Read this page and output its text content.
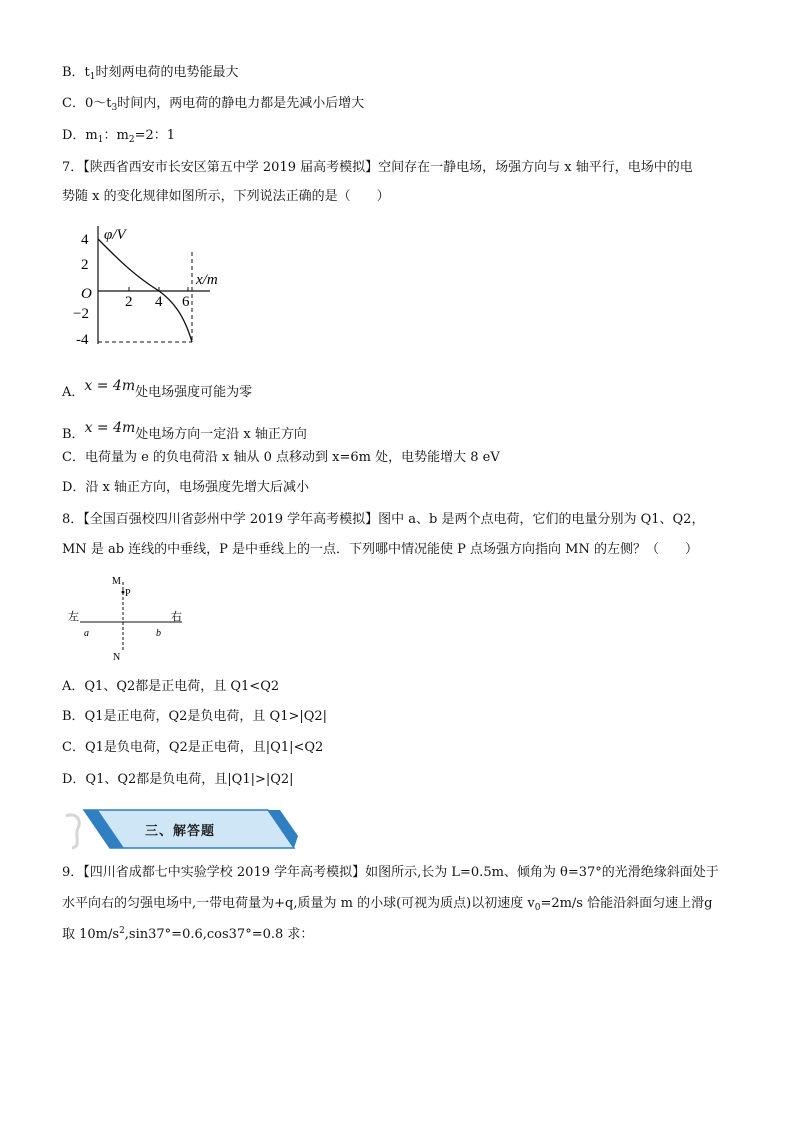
B．$t_1$时刻两电荷的电势能最大
C．$0\sim t_3$时间内，两电荷的静电力都是先减小后增大
D．$m_1$：$m_2=2$：1
7．【陕西省西安市长安区第五中学 2019 届高考模拟】空间存在一静电场，场强方向与 x 轴平行，电场中的电
势随 x 的变化规律如图所示，下列说法正确的是（　　）
φ/V
x/m
O
4
2
−2
-4
2 4 6
A．x = 4m处电场强度可能为零
B．x = 4m处电场方向一定沿 x 轴正方向
C．电荷量为 e 的负电荷沿 x 轴从 0 点移动到 x=6m 处，电势能增大 8 eV
D．沿 x 轴正方向，电场强度先增大后减小
8．【全国百强校四川省彭州中学 2019 学年高考模拟】图中 a、b 是两个点电荷，它们的电量分别为 Q1、Q2，
MN 是 ab 连线的中垂线，P 是中垂线上的一点．下列哪中情况能使 P 点场强方向指向 MN 的左侧？（　　）
M
P
N
左	右
a	b
A．Q1、Q2都是正电荷，且 Q1<Q2
B．Q1是正电荷，Q2是负电荷，且 Q1>|Q2|
C．Q1是负电荷，Q2是正电荷，且|Q1|<Q2
D．Q1、Q2都是负电荷，且|Q1|>|Q2|
三、解答题
9．【四川省成都七中实验学校 2019 学年高考模拟】如图所示,长为 L=0.5m、倾角为 θ=37°的光滑绝缘斜面处于
水平向右的匀强电场中,一带电荷量为+q,质量为 m 的小球(可视为质点)以初速度 $v_0=2m/s$ 恰能沿斜面匀速上滑g
取 $10m/s^2,\sin 37^\circ=0.6,\cos 37^\circ=0.8$ 求：
